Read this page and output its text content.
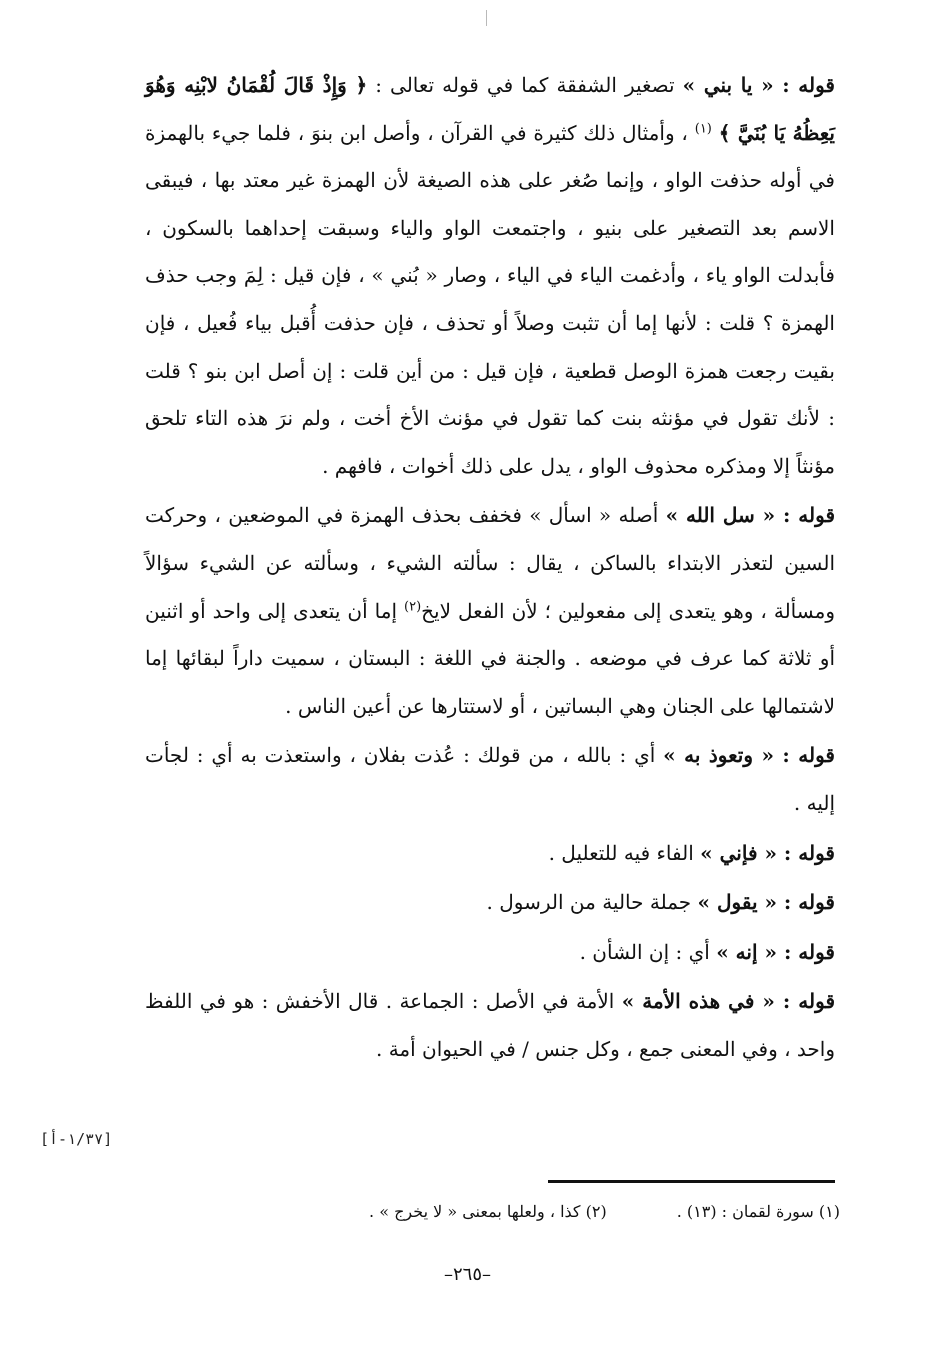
قوله : « يا بني » تصغير الشفقة كما في قوله تعالى : ﴿ وَإِذْ قَالَ لُقْمَانُ لابْنِه وَهُوَ يَعِظُهُ يَا بُنَيَّ ﴾ $^{(١)}$ ، وأمثال ذلك كثيرة في القرآن ، وأصل ابن بنوَ ، فلما جيء بالهمزة في أوله حذفت الواو ، وإنما صُغر على هذه الصيغة لأن الهمزة غير معتد بها ، فيبقى الاسم بعد التصغير على بنيو ، واجتمعت الواو والياء وسبقت إحداهما بالسكون ، فأبدلت الواو ياء ، وأدغمت الياء في الياء ، وصار « بُني » ، فإن قيل : لِمَ وجب حذف الهمزة ؟ قلت : لأنها إما أن تثبت وصلاً أو تحذف ، فإن حذفت أُقبل بياء فُعيل ، فإن بقيت رجعت همزة الوصل قطعية ، فإن قيل : من أين قلت : إن أصل ابن بنو ؟ قلت : لأنك تقول في مؤنثه بنت كما تقول في مؤنث الأخ أخت ، ولم نرَ هذه التاء تلحق مؤنثاً إلا ومذكره محذوف الواو ، يدل على ذلك أخوات ، فافهم .

قوله : « سل الله » أصله « اسأل » فخفف بحذف الهمزة في الموضعين ، وحركت السين لتعذر الابتداء بالساكن ، يقال : سألته الشيء ، وسألته عن الشيء سؤالاً ومسألة ، وهو يتعدى إلى مفعولين ؛ لأن الفعل لايخ$^{(٢)}$ إما أن يتعدى إلى واحد أو اثنين أو ثلاثة كما عرف في موضعه . والجنة في اللغة : البستان ، سميت داراً لبقائها إما لاشتمالها على الجنان وهي البساتين ، أو لاستتارها عن أعين الناس .

قوله : « وتعوذ به » أي : بالله ، من قولك : عُذت بفلان ، واستعذت به أي : لجأت إليه .

قوله : « فإني » الفاء فيه للتعليل .

قوله : « يقول » جملة حالية من الرسول .

قوله : « إنه » أي : إن الشأن .

قوله : « في هذه الأمة » الأمة في الأصل : الجماعة . قال الأخفش : هو في اللفظ واحد ، وفي المعنى جمع ، وكل جنس / في الحيوان أمة .

[١/٣٧-أ]
(١) سورة لقمان : (١٣) .
(٢) كذا ، ولعلها بمعنى « لا يخرج » .
–٢٦٥–
